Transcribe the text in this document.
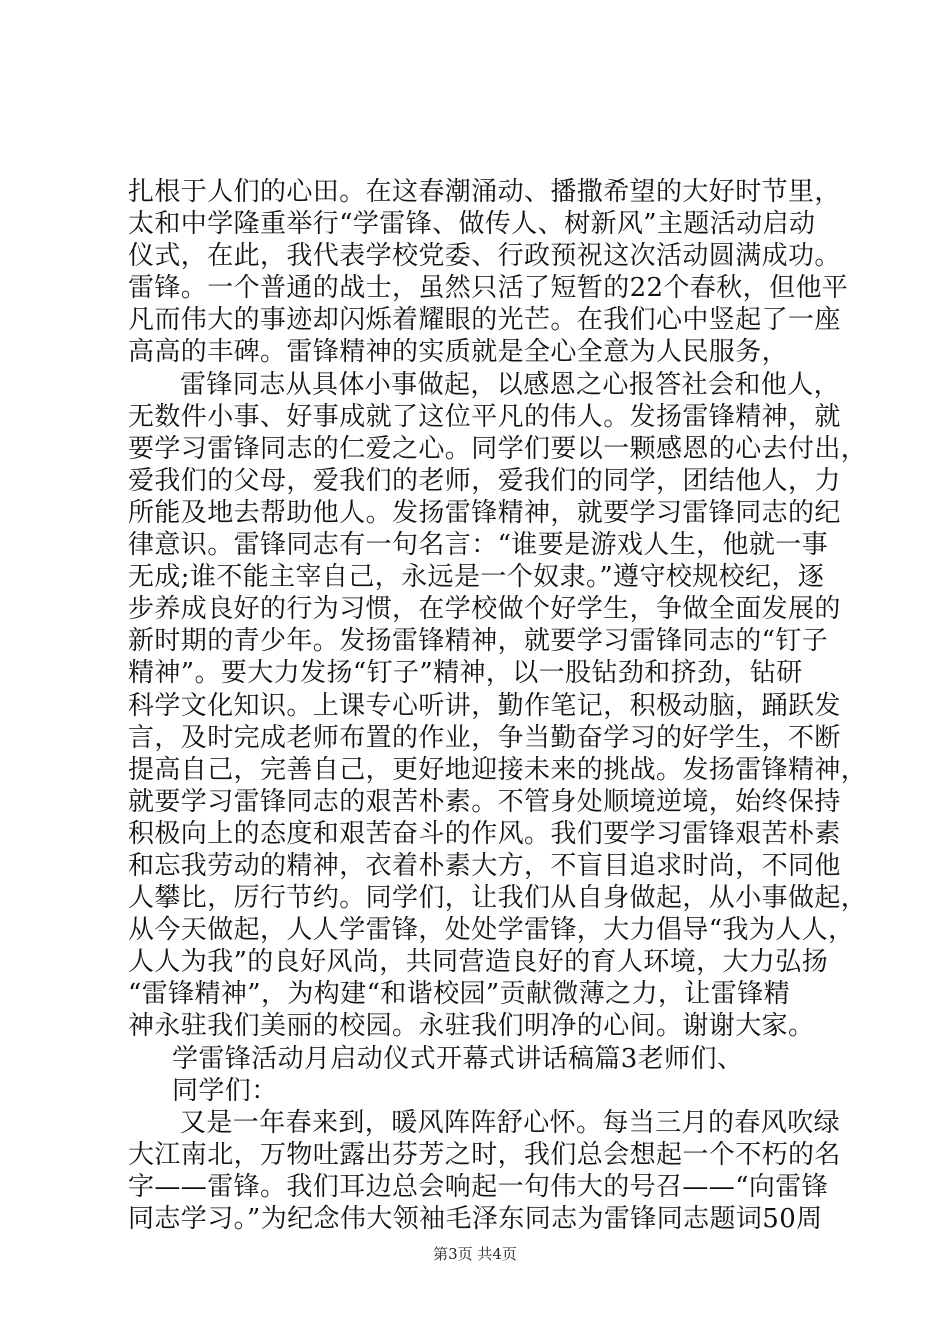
扎根于人们的心田。在这春潮涌动、播撒希望的大好时节里，
太和中学隆重举行“学雷锋、做传人、树新风”主题活动启动
仪式，在此，我代表学校党委、行政预祝这次活动圆满成功。
雷锋。一个普通的战士，虽然只活了短暂的22个春秋，但他平
凡而伟大的事迹却闪烁着耀眼的光芒。在我们心中竖起了一座
高高的丰碑。雷锋精神的实质就是全心全意为人民服务，
雷锋同志从具体小事做起，以感恩之心报答社会和他人，
无数件小事、好事成就了这位平凡的伟人。发扬雷锋精神，就
要学习雷锋同志的仁爱之心。同学们要以一颗感恩的心去付出，
爱我们的父母，爱我们的老师，爱我们的同学，团结他人，力
所能及地去帮助他人。发扬雷锋精神，就要学习雷锋同志的纪
律意识。雷锋同志有一句名言：“谁要是游戏人生，他就一事
无成;谁不能主宰自己，永远是一个奴隶。”遵守校规校纪，逐
步养成良好的行为习惯，在学校做个好学生，争做全面发展的
新时期的青少年。发扬雷锋精神，就要学习雷锋同志的“钉子
精神”。要大力发扬“钉子”精神，以一股钻劲和挤劲，钻研
科学文化知识。上课专心听讲，勤作笔记，积极动脑，踊跃发
言，及时完成老师布置的作业，争当勤奋学习的好学生，不断
提高自己，完善自己，更好地迎接未来的挑战。发扬雷锋精神，
就要学习雷锋同志的艰苦朴素。不管身处顺境逆境，始终保持
积极向上的态度和艰苦奋斗的作风。我们要学习雷锋艰苦朴素
和忘我劳动的精神，衣着朴素大方，不盲目追求时尚，不同他
人攀比，厉行节约。同学们，让我们从自身做起，从小事做起，
从今天做起，人人学雷锋，处处学雷锋，大力倡导“我为人人，
人人为我”的良好风尚，共同营造良好的育人环境，大力弘扬
“雷锋精神”，为构建“和谐校园”贡献微薄之力，让雷锋精
神永驻我们美丽的校园。永驻我们明净的心间。谢谢大家。
学雷锋活动月启动仪式开幕式讲话稿篇3老师们、
同学们：
又是一年春来到，暖风阵阵舒心怀。每当三月的春风吹绿
大江南北，万物吐露出芬芳之时，我们总会想起一个不朽的名
字——雷锋。我们耳边总会响起一句伟大的号召——“向雷锋
同志学习。”为纪念伟大领袖毛泽东同志为雷锋同志题词50周
第3页 共4页
